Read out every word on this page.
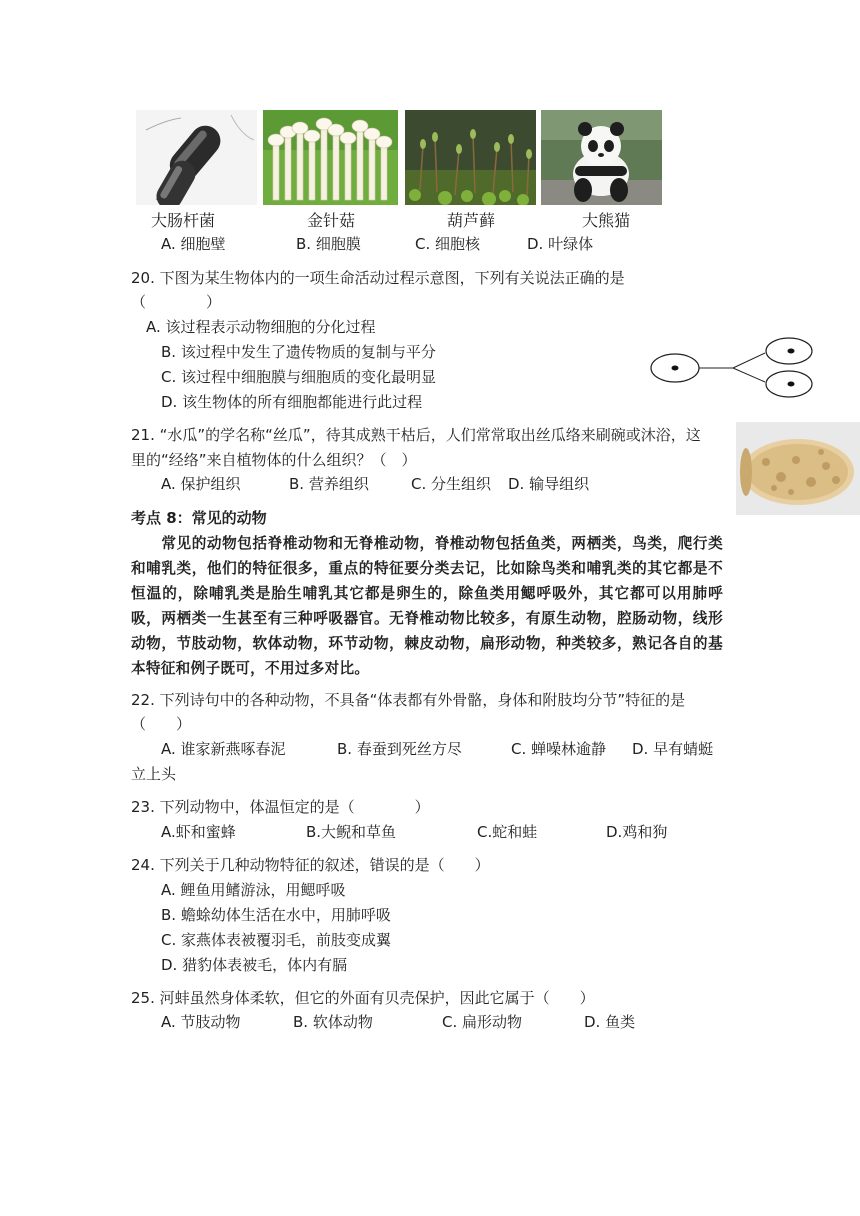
大肠杆菌	金针菇	葫芦藓	大熊猫
A. 细胞壁	B. 细胞膜	C. 细胞核	D. 叶绿体
20. 下图为某生物体内的一项生命活动过程示意图，下列有关说法正确的是
（　　　　）
A. 该过程表示动物细胞的分化过程
B. 该过程中发生了遗传物质的复制与平分
C. 该过程中细胞膜与细胞质的变化最明显
D. 该生物体的所有细胞都能进行此过程
21. “水瓜”的学名称“丝瓜”，待其成熟干枯后，人们常常取出丝瓜络来刷碗或沐浴，这
里的“经络”来自植物体的什么组织？（　）
A. 保护组织	B. 营养组织	C. 分生组织 D. 输导组织
考点 8：常见的动物
　　常见的动物包括脊椎动物和无脊椎动物，脊椎动物包括鱼类，两栖类，鸟类，爬行类和哺乳类，他们的特征很多，重点的特征要分类去记，比如除鸟类和哺乳类的其它都是不恒温的，除哺乳类是胎生哺乳其它都是卵生的，除鱼类用鳃呼吸外，其它都可以用肺呼吸，两栖类一生甚至有三种呼吸器官。无脊椎动物比较多，有原生动物，腔肠动物，线形动物，节肢动物，软体动物，环节动物，棘皮动物，扁形动物，种类较多，熟记各自的基本特征和例子既可，不用过多对比。
22. 下列诗句中的各种动物，不具备“体表都有外骨骼，身体和附肢均分节”特征的是
（　　）
A. 谁家新燕啄春泥	B. 春蚕到死丝方尽	C. 蝉噪林逾静 D. 早有蜻蜓
立上头
23. 下列动物中，体温恒定的是（　　　　）
A.虾和蜜蜂	B.大鲵和草鱼	C.蛇和蛙	D.鸡和狗
24. 下列关于几种动物特征的叙述，错误的是（　　）
A. 鲤鱼用鳍游泳，用鳃呼吸
B. 蟾蜍幼体生活在水中，用肺呼吸
C. 家燕体表被覆羽毛，前肢变成翼
D. 猎豹体表被毛，体内有膈
25. 河蚌虽然身体柔软，但它的外面有贝壳保护，因此它属于（　　）
A. 节肢动物	B. 软体动物	C. 扁形动物	D. 鱼类
